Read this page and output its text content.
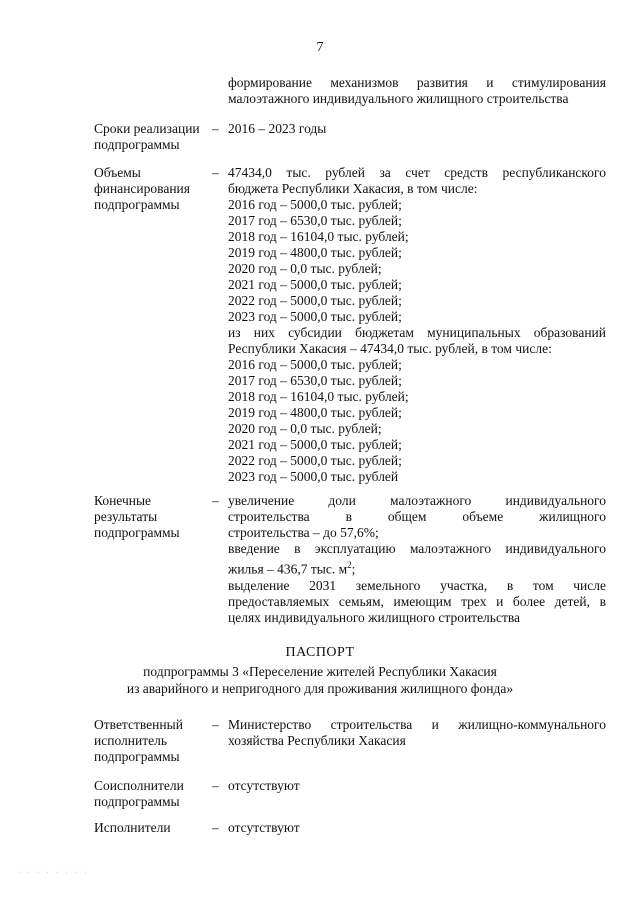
7
формирование механизмов развития и стимулирования
малоэтажного индивидуального жилищного строительства
Сроки реализации
подпрограммы
– 2016 – 2023 годы
Объемы
финансирования
подпрограммы
– 47434,0 тыс. рублей за счет средств республиканского
бюджета Республики Хакасия, в том числе:
2016 год – 5000,0 тыс. рублей;
2017 год – 6530,0 тыс. рублей;
2018 год – 16104,0 тыс. рублей;
2019 год – 4800,0 тыс. рублей;
2020 год – 0,0 тыс. рублей;
2021 год – 5000,0 тыс. рублей;
2022 год – 5000,0 тыс. рублей;
2023 год – 5000,0 тыс. рублей;
из них субсидии бюджетам муниципальных образований
Республики Хакасия – 47434,0 тыс. рублей, в том числе:
2016 год – 5000,0 тыс. рублей;
2017 год – 6530,0 тыс. рублей;
2018 год – 16104,0 тыс. рублей;
2019 год – 4800,0 тыс. рублей;
2020 год – 0,0 тыс. рублей;
2021 год – 5000,0 тыс. рублей;
2022 год – 5000,0 тыс. рублей;
2023 год – 5000,0 тыс. рублей
Конечные
результаты
подпрограммы
– увеличение доли малоэтажного индивидуального
строительства в общем объеме жилищного
строительства – до 57,6%;
введение в эксплуатацию малоэтажного индивидуального
жилья – 436,7 тыс. $м^2$;
выделение 2031 земельного участка, в том числе
предоставляемых семьям, имеющим трех и более детей, в
целях индивидуального жилищного строительства
ПАСПОРТ
подпрограммы 3 «Переселение жителей Республики Хакасия
из аварийного и непригодного для проживания жилищного фонда»
Ответственный
исполнитель
подпрограммы
– Министерство строительства и жилищно-коммунального
хозяйства Республики Хакасия
Соисполнители
подпрограммы
– отсутствуют
Исполнители	– отсутствуют
· · · · · · · ·
